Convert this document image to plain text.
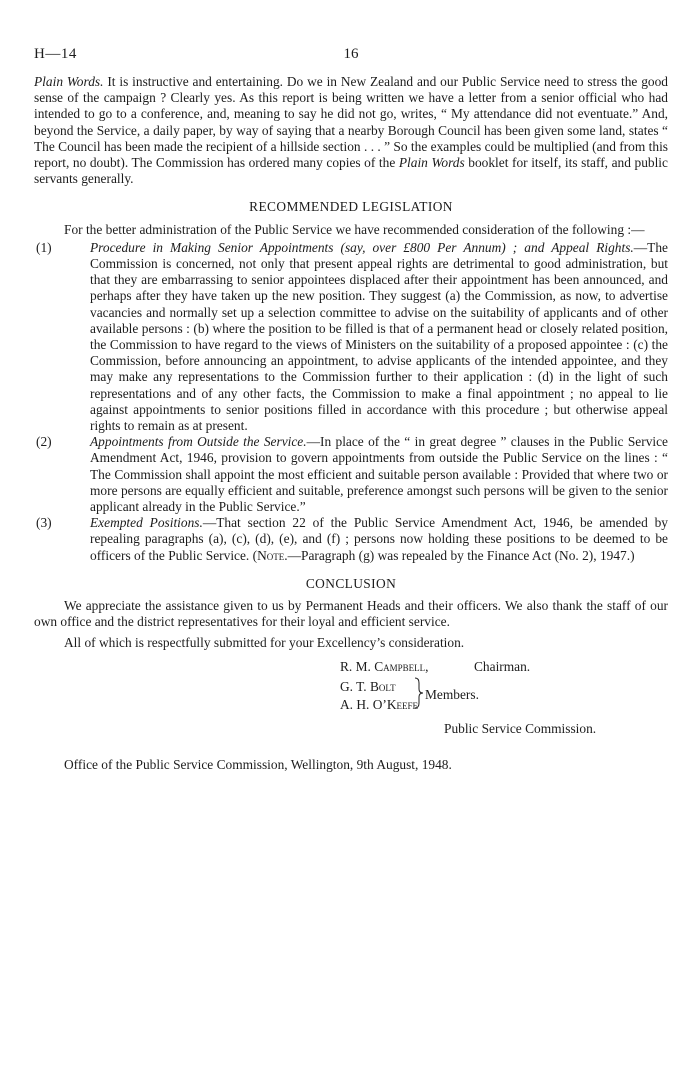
H—14	16

Plain Words. It is instructive and entertaining. Do we in New Zealand and our Public Service need to stress the good sense of the campaign ? Clearly yes. As this report is being written we have a letter from a senior official who had intended to go to a conference, and, meaning to say he did not go, writes, “ My attendance did not eventuate.” And, beyond the Service, a daily paper, by way of saying that a nearby Borough Council has been given some land, states “ The Council has been made the recipient of a hillside section . . . ” So the examples could be multiplied (and from this report, no doubt). The Commission has ordered many copies of the Plain Words booklet for itself, its staff, and public servants generally.

RECOMMENDED LEGISLATION

For the better administration of the Public Service we have recommended consideration of the following :—

(1)	Procedure in Making Senior Appointments (say, over £800 Per Annum) ; and Appeal Rights.—The Commission is concerned, not only that present appeal rights are detrimental to good administration, but that they are embarrassing to senior appointees displaced after their appointment has been announced, and perhaps after they have taken up the new position. They suggest (a) the Commission, as now, to advertise vacancies and normally set up a selection committee to advise on the suitability of applicants and of other available persons : (b) where the position to be filled is that of a permanent head or closely related position, the Commission to have regard to the views of Ministers on the suitability of a proposed appointee : (c) the Commission, before announcing an appointment, to advise applicants of the intended appointee, and they may make any representations to the Commission further to their application : (d) in the light of such representations and of any other facts, the Commission to make a final appointment ; no appeal to lie against appointments to senior positions filled in accordance with this procedure ; but otherwise appeal rights to remain as at present.
(2)	Appointments from Outside the Service.—In place of the “ in great degree ” clauses in the Public Service Amendment Act, 1946, provision to govern appointments from outside the Public Service on the lines : “ The Commission shall appoint the most efficient and suitable person available : Provided that where two or more persons are equally efficient and suitable, preference amongst such persons will be given to the senior applicant already in the Public Service.”
(3)	Exempted Positions.—That section 22 of the Public Service Amendment Act, 1946, be amended by repealing paragraphs (a), (c), (d), (e), and (f) ; persons now holding these positions to be deemed to be officers of the Public Service. (Note.—Paragraph (g) was repealed by the Finance Act (No. 2), 1947.)
CONCLUSION

We appreciate the assistance given to us by Permanent Heads and their officers. We also thank the staff of our own office and the district representatives for their loyal and efficient service.

All of which is respectfully submitted for your Excellency’s consideration.

R. M. Campbell,	Chairman.
G. T. Bolt
A. H. O’Keefe
Members.
Public Service Commission.

Office of the Public Service Commission, Wellington, 9th August, 1948.
